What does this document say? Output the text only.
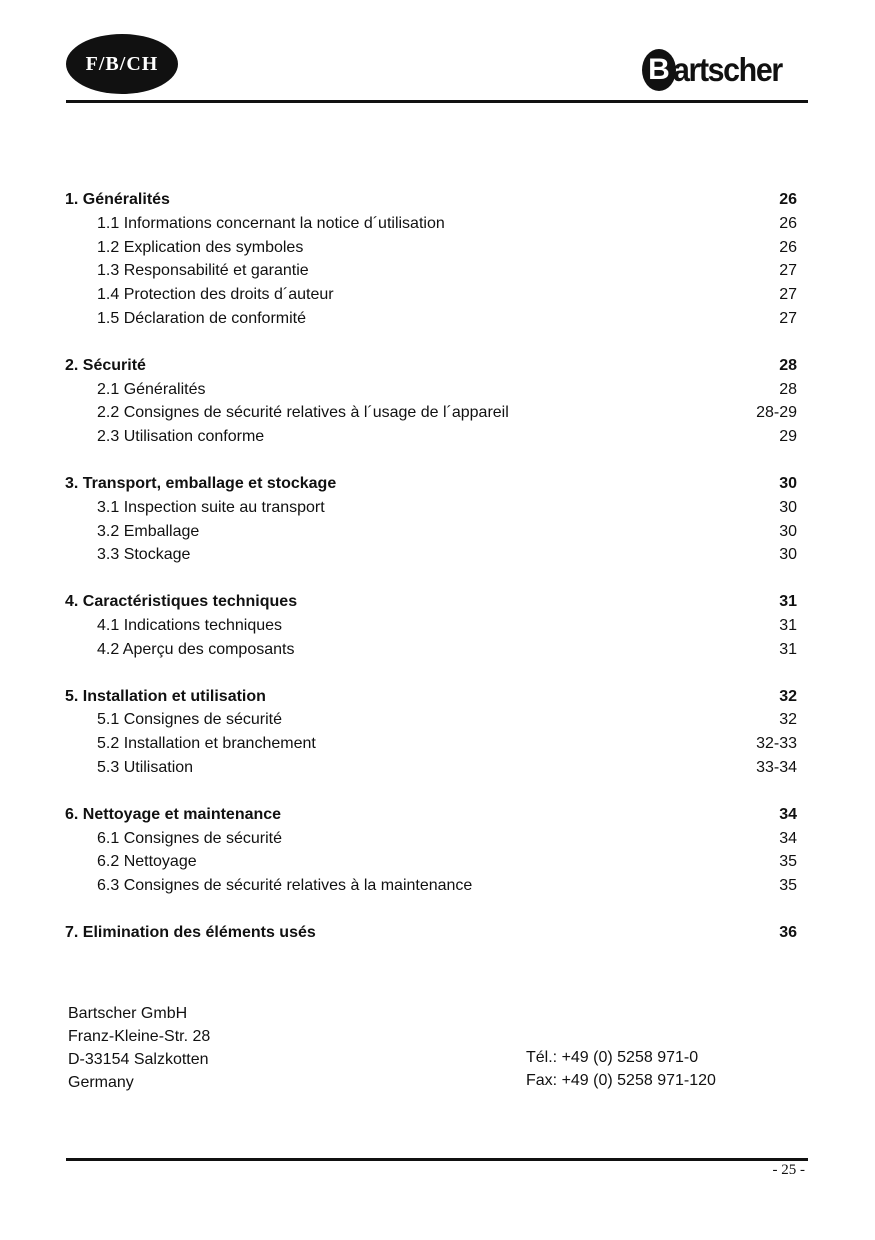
F/B/CH	B artscher
1. Généralités	26
1.1 Informations concernant la notice d´utilisation	26
1.2 Explication des symboles	26
1.3 Responsabilité et garantie	27
1.4 Protection des droits d´auteur	27
1.5 Déclaration de conformité	27
2. Sécurité	28
2.1 Généralités	28
2.2 Consignes de sécurité relatives à l´usage de l´appareil	28-29
2.3 Utilisation conforme	29
3. Transport, emballage et stockage	30
3.1 Inspection suite au transport	30
3.2 Emballage	30
3.3 Stockage	30
4. Caractéristiques techniques	31
4.1 Indications techniques	31
4.2 Aperçu des composants	31
5. Installation et utilisation	32
5.1 Consignes de sécurité	32
5.2 Installation et branchement	32-33
5.3 Utilisation	33-34
6. Nettoyage et maintenance	34
6.1 Consignes de sécurité	34
6.2 Nettoyage	35
6.3 Consignes de sécurité relatives à la maintenance	35
7. Elimination des éléments usés	36
Bartscher GmbH
Franz-Kleine-Str. 28
D-33154 Salzkotten
Germany
Tél.: +49 (0) 5258 971-0
Fax: +49 (0) 5258 971-120
- 25 -
